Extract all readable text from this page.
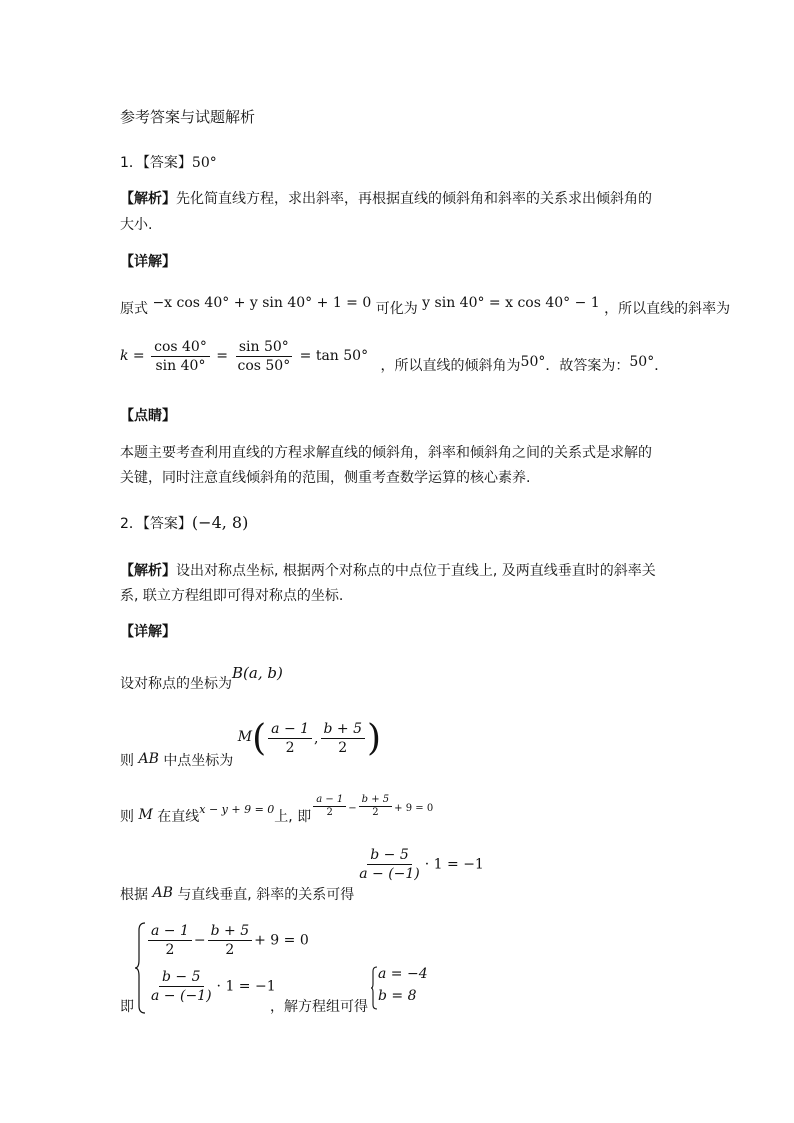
参考答案与试题解析
1．【答案】50°
【解析】先化简直线方程，求出斜率，再根据直线的倾斜角和斜率的关系求出倾斜角的
大小.
【详解】
原式 −x cos 40° + y sin 40° + 1 = 0 可化为 y sin 40° = x cos 40° − 1 ，所以直线的斜率为
$k = \frac{\cos 40^\circ}{\sin 40^\circ} = \frac{\sin 50^\circ}{\cos 50^\circ} = \tan 50^\circ$ ，所以直线的倾斜角为50°．故答案为：50°．
【点睛】
本题主要考查利用直线的方程求解直线的倾斜角，斜率和倾斜角之间的关系式是求解的
关键，同时注意直线倾斜角的范围，侧重考查数学运算的核心素养.
2．【答案】(−4, 8)
【解析】设出对称点坐标, 根据两个对称点的中点位于直线上, 及两直线垂直时的斜率关
系, 联立方程组即可得对称点的坐标.
【详解】
设对称点的坐标为B(a, b)
则 AB 中点坐标为 $M( \frac{a - 1}{2}$ , $\frac{b + 5}{2}$ )
则 M 在直线x − y + 9 = 0上, 即 $\frac{a - 1}{2} ^- \frac{b + 5}{2} ^{+ 9 = 0}$
根据 AB 与直线垂直, 斜率的关系可得
$\frac{b - 5}{a - (-1)} \cdot 1 = -1$
即
$\frac{a - 1}{2} - \frac{b + 5}{2} + 9 = 0$
$\frac{b - 5}{a - (-1)} \cdot 1 = -1$
，解方程组可得
a = −4
b = 8
